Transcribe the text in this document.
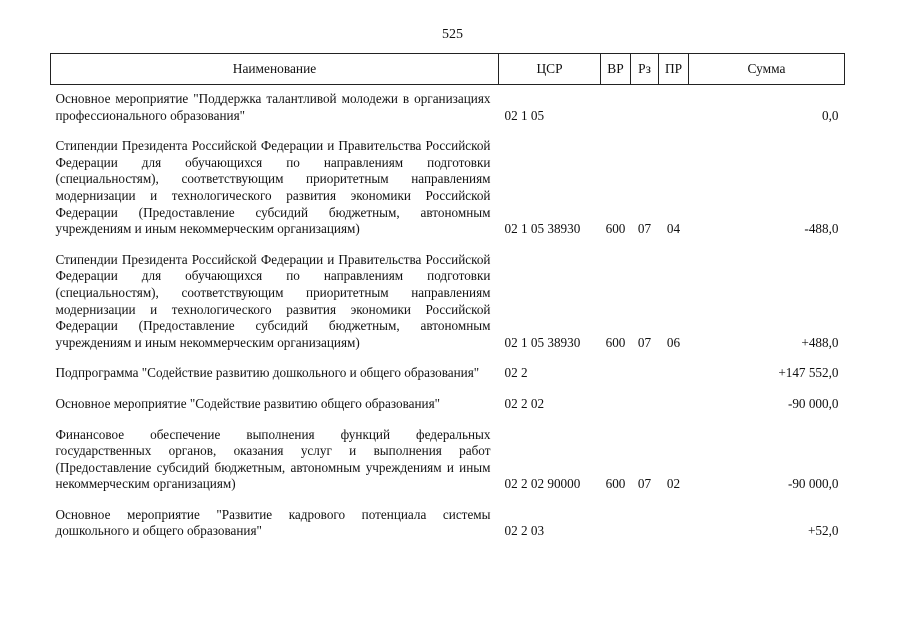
525
Наименование	ЦСР	ВР	Рз	ПР	Сумма
Основное мероприятие "Поддержка талантливой молодежи в организациях профессионального образования"	02 1 05				0,0
Стипендии Президента Российской Федерации и Правительства Российской Федерации для обучающихся по направлениям подготовки (специальностям), соответствующим приоритетным направлениям модернизации и технологического развития экономики Российской Федерации (Предоставление субсидий бюджетным, автономным учреждениям и иным некоммерческим организациям)	02 1 05 38930	600	07	04	-488,0
Стипендии Президента Российской Федерации и Правительства Российской Федерации для обучающихся по направлениям подготовки (специальностям), соответствующим приоритетным направлениям модернизации и технологического развития экономики Российской Федерации (Предоставление субсидий бюджетным, автономным учреждениям и иным некоммерческим организациям)	02 1 05 38930	600	07	06	+488,0
Подпрограмма "Содействие развитию дошкольного и общего образования"	02 2				+147 552,0
Основное мероприятие "Содействие развитию общего образования"	02 2 02				-90 000,0
Финансовое обеспечение выполнения функций федеральных государственных органов, оказания услуг и выполнения работ (Предоставление субсидий бюджетным, автономным учреждениям и иным некоммерческим организациям)	02 2 02 90000	600	07	02	-90 000,0
Основное мероприятие "Развитие кадрового потенциала системы дошкольного и общего образования"	02 2 03				+52,0
